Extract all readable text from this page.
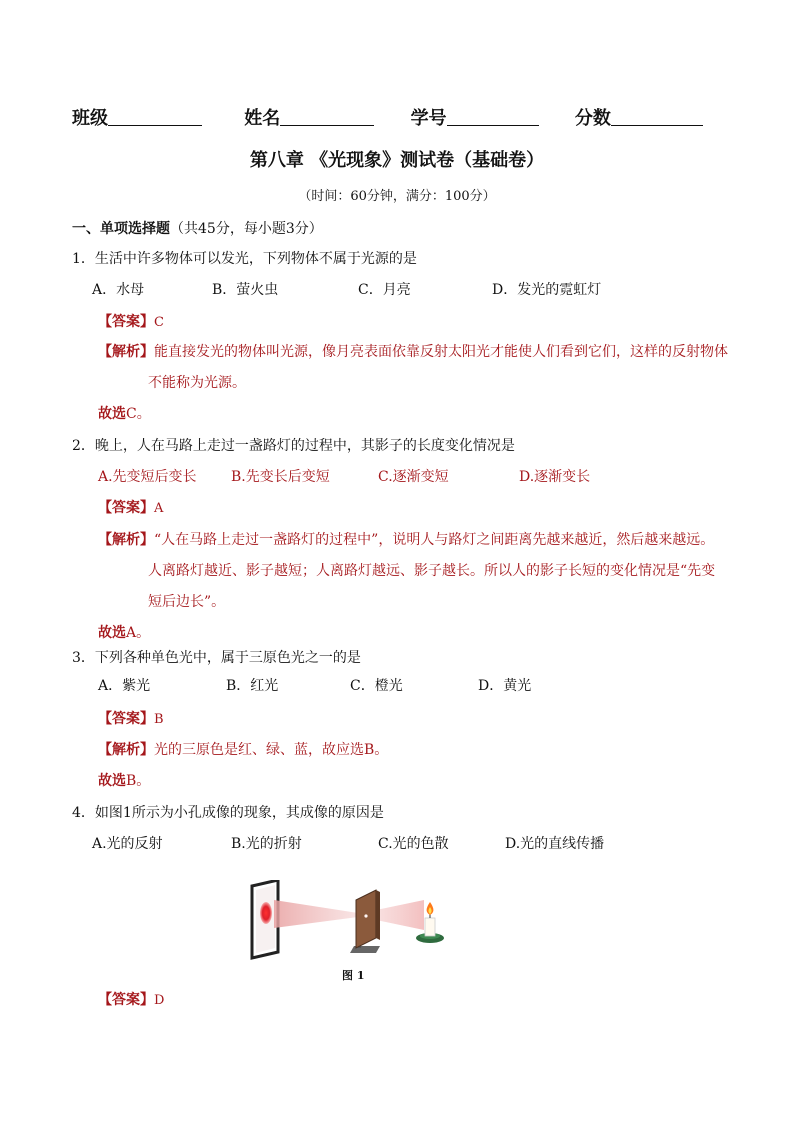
班级	姓名	学号	分数
第八章 《光现象》测试卷（基础卷）
（时间：60分钟，满分：100分）
一、单项选择题（共45分，每小题3分）
1．生活中许多物体可以发光，下列物体不属于光源的是
A．水母	B．萤火虫	C．月亮	D．发光的霓虹灯
【答案】C
【解析】能直接发光的物体叫光源，像月亮表面依靠反射太阳光才能使人们看到它们，这样的反射物体
不能称为光源。
故选C。
2．晚上，人在马路上走过一盏路灯的过程中，其影子的长度变化情况是
A.先变短后变长 B.先变长后变短	C.逐渐变短	D.逐渐变长
【答案】A
【解析】“人在马路上走过一盏路灯的过程中”，说明人与路灯之间距离先越来越近，然后越来越远。
人离路灯越近、影子越短；人离路灯越远、影子越长。所以人的影子长短的变化情况是“先变
短后边长”。
故选A。
3．下列各种单色光中，属于三原色光之一的是
A．紫光	B．红光	C．橙光	D．黄光
【答案】B
【解析】光的三原色是红、绿、蓝，故应选B。
故选B。
4．如图1所示为小孔成像的现象，其成像的原因是
A.光的反射	B.光的折射	C.光的色散	D.光的直线传播
图 1
【答案】D
